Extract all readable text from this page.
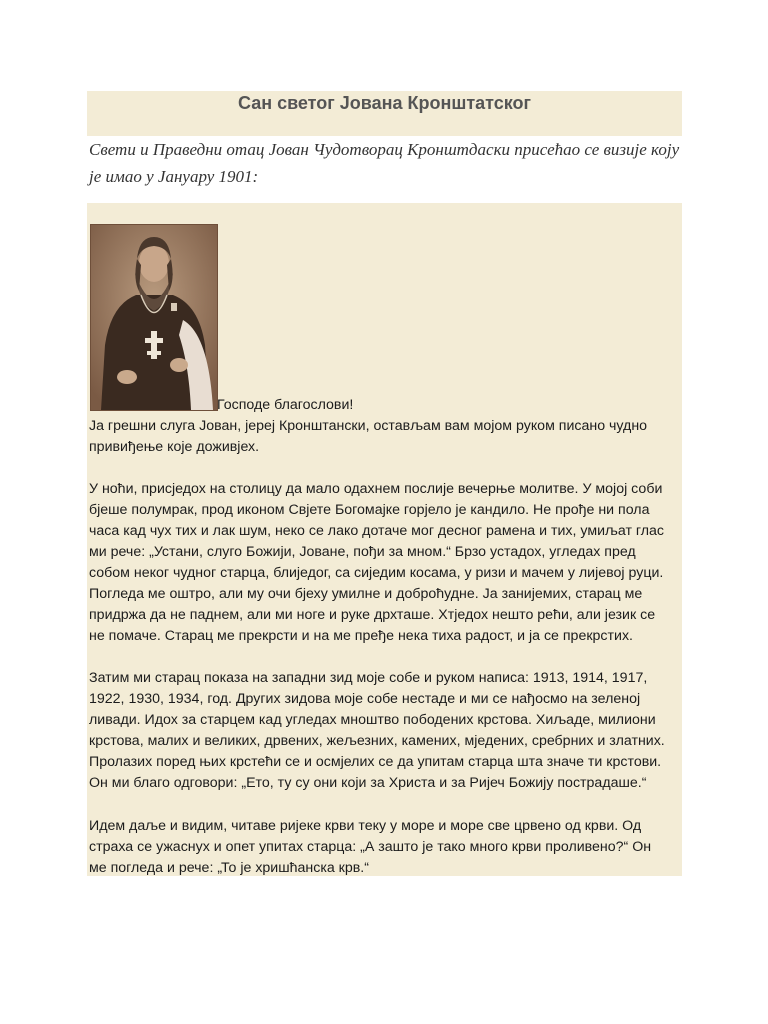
Сан светог Јована Кронштатског
Свети и Праведни отац Јован Чудотворац Кронштдаски присећао се визије коју
је имао у Јануару 1901:
Господе благослови!

Ја грешни слуга Јован, јереј Кронштански, остављам вам мојом руком писано чудно

привиђење које доживјех.

У ноћи, присједох на столицу да мало одахнем послије вечерње молитве. У мојој соби

бјеше полумрак, прод иконом Свјете Богомајке горјело је кандило. Не прође ни пола

часа кад чух тих и лак шум, неко се лако дотаче мог десног рамена и тих, умиљат глас

ми рече: „Устани, слуго Божији, Јоване, пођи за мном.“ Брзо устадох, угледах пред

собом неког чудног старца, блиједог, са сиједим косама, у ризи и мачем у лијевој руци.

Погледа ме оштро, али му очи бјеху умилне и доброћудне. Ја занијемих, старац ме

придржа да не паднем, али ми ноге и руке дрхташе. Хтједох нешто рећи, али језик се

не помаче. Старац ме прекрсти и на ме пређе нека тиха радост, и ја се прекрстих.

Затим ми старац показа на западни зид моје собе и руком написа: 1913, 1914, 1917,

1922, 1930, 1934, год. Других зидова моје собе нестаде и ми се нађосмо на зеленој

ливади. Идох за старцем кад угледах мноштво пободених крстова. Хиљаде, милиони

крстова, малих и великих, дрвених, жељезних, камених, мједених, сребрних и златних.

Пролазих поред њих крстећи се и осмјелих се да упитам старца шта значе ти крстови.

Он ми благо одговори: „Ето, ту су они који за Христа и за Ријеч Божију пострадаше.“

Идем даље и видим, читаве ријеке крви теку у море и море све црвено од крви. Од

страха се ужаснух и опет упитах старца: „А зашто је тако много крви проливено?“ Он

ме погледа и рече: „То је хришћанска крв.“
